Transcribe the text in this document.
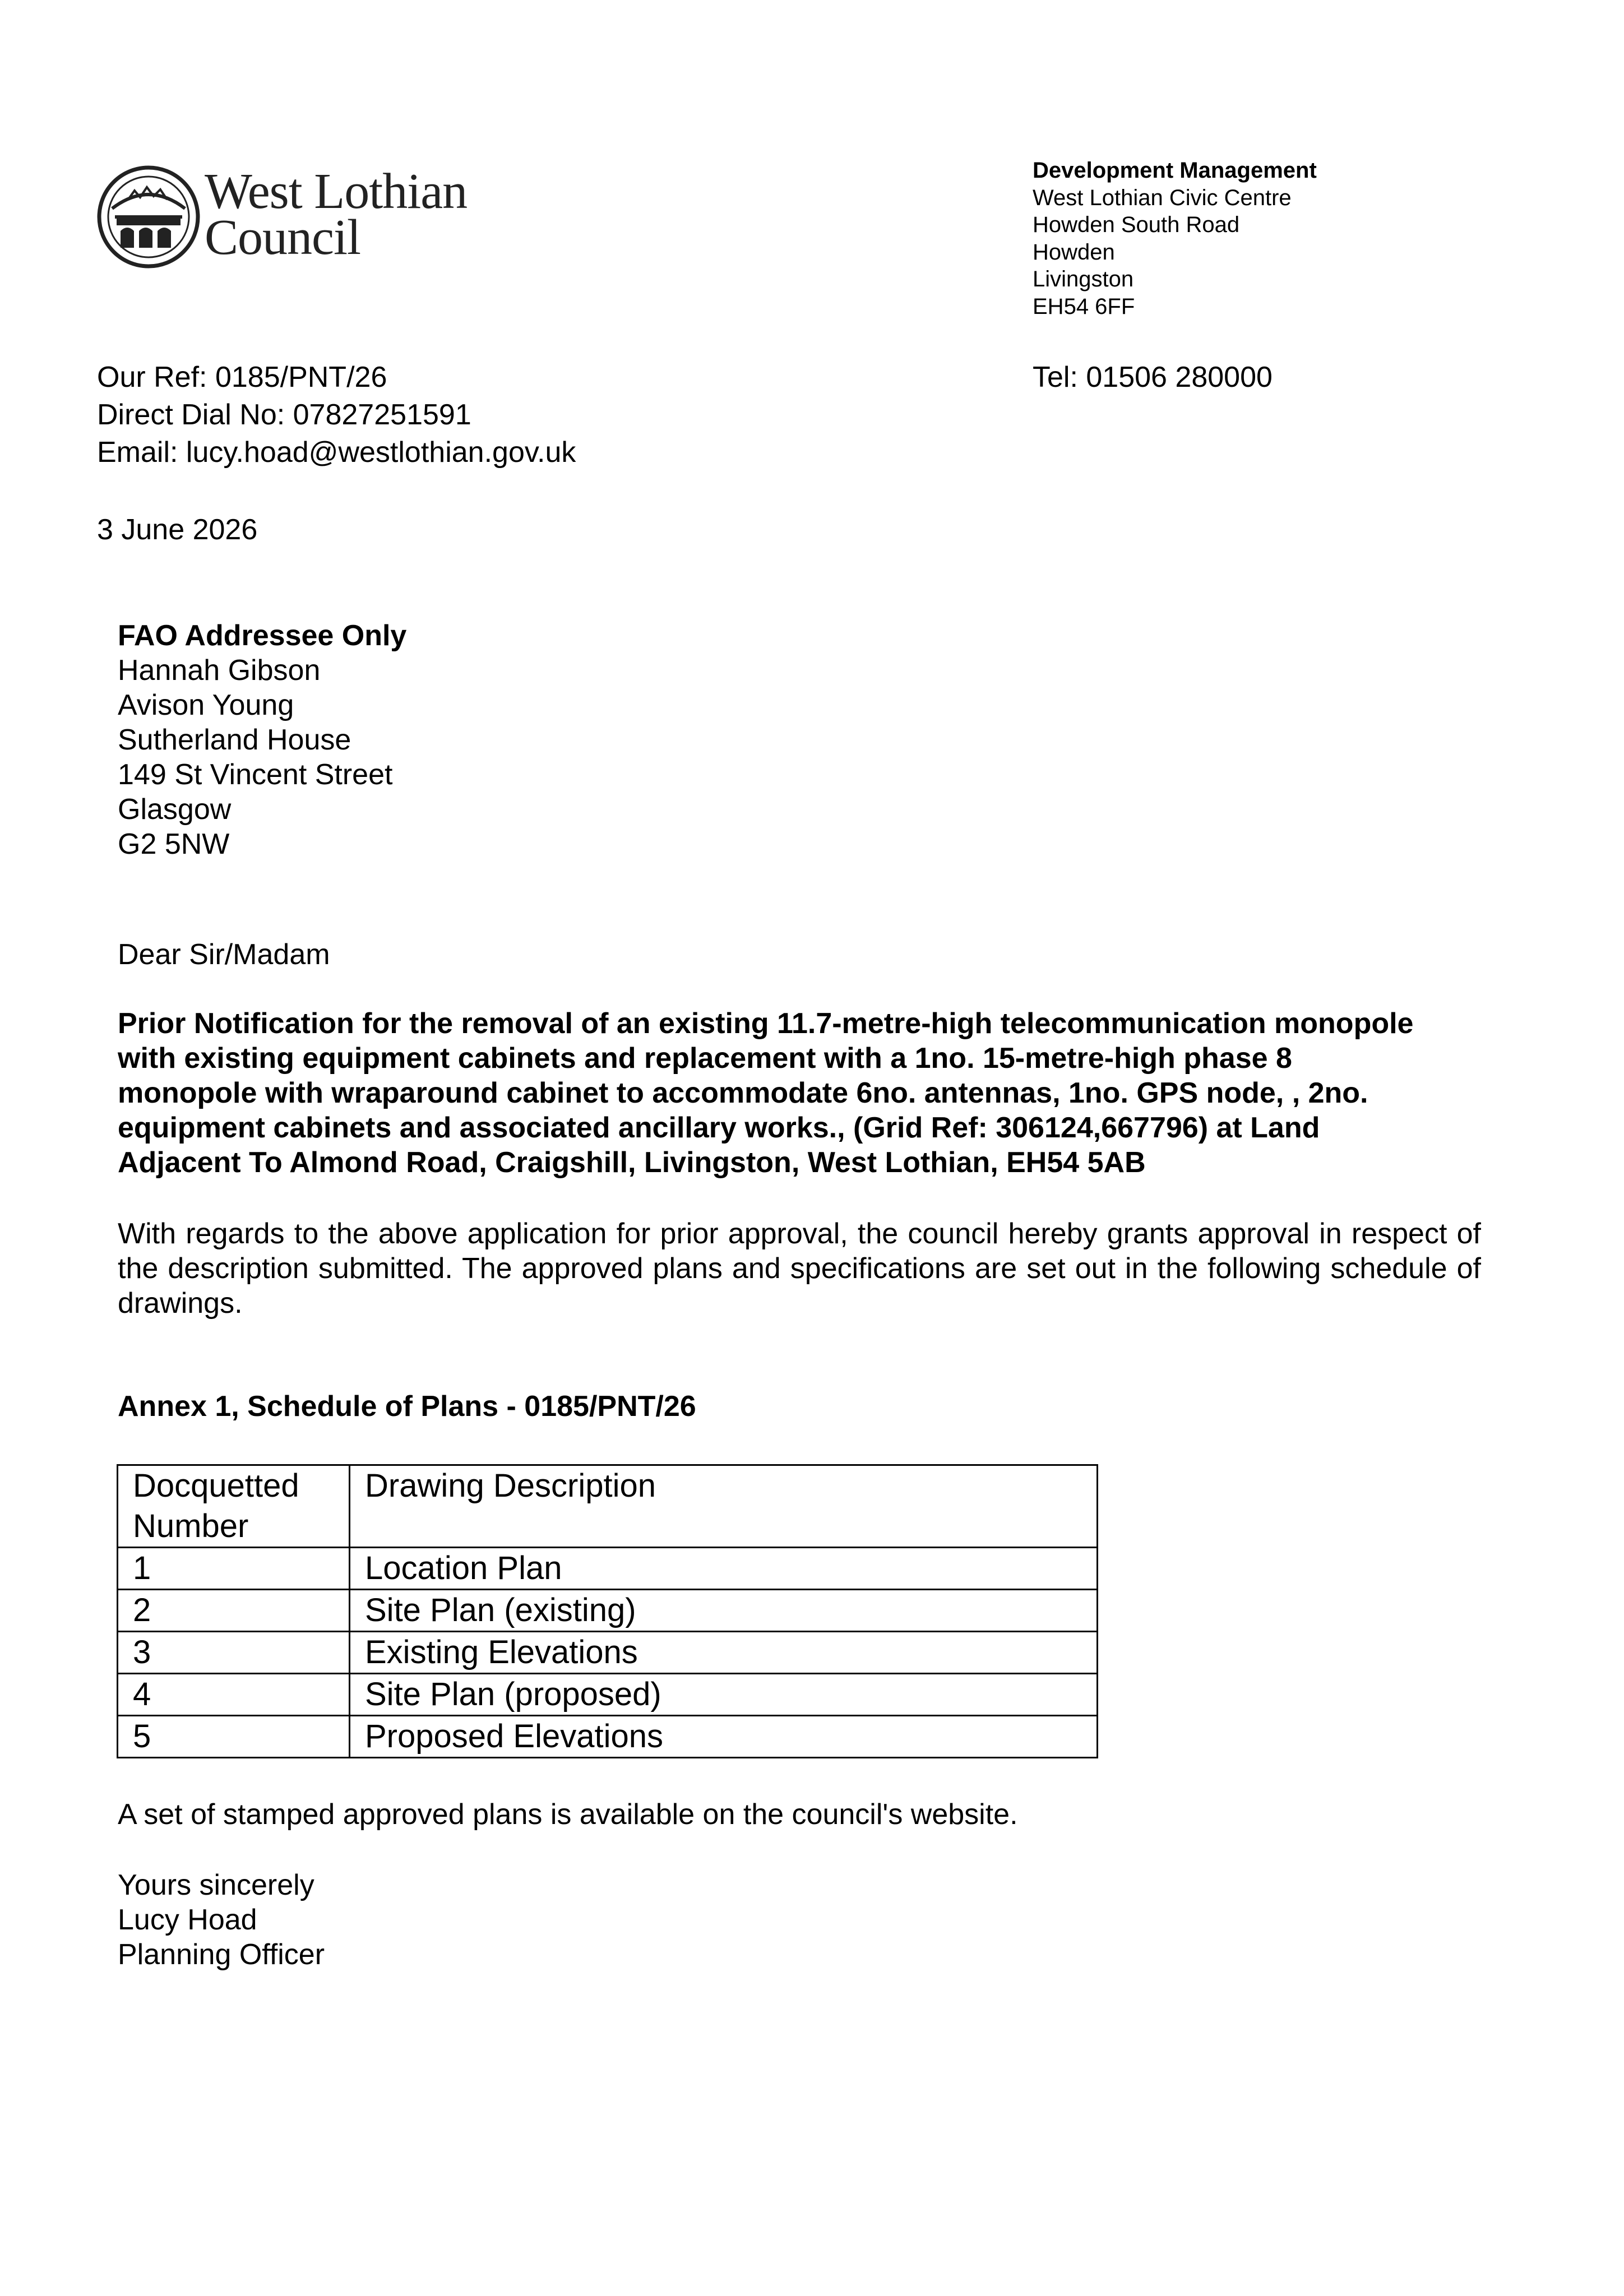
West Lothian
Council
Development Management
West Lothian Civic Centre
Howden South Road
Howden
Livingston
EH54 6FF
Tel: 01506 280000
Our Ref: 0185/PNT/26
Direct Dial No: 07827251591
Email: lucy.hoad@westlothian.gov.uk
3 June 2026
FAO Addressee Only
Hannah Gibson
Avison Young
Sutherland House
149 St Vincent Street
Glasgow
G2 5NW
Dear Sir/Madam
Prior Notification for the removal of an existing 11.7-metre-high telecommunication monopole
with existing equipment cabinets and replacement with a 1no. 15-metre-high phase 8
monopole with wraparound cabinet to accommodate 6no. antennas, 1no. GPS node, , 2no.
equipment cabinets and associated ancillary works., (Grid Ref: 306124,667796) at Land
Adjacent To Almond Road, Craigshill, Livingston, West Lothian, EH54 5AB
With regards to the above application for prior approval, the council hereby grants approval in respect of the description submitted. The approved plans and specifications are set out in the following schedule of drawings.
Annex 1, Schedule of Plans - 0185/PNT/26
Docquetted Number	Drawing Description
1	Location Plan
2	Site Plan (existing)
3	Existing Elevations
4	Site Plan (proposed)
5	Proposed Elevations
A set of stamped approved plans is available on the council's website.
Yours sincerely
Lucy Hoad
Planning Officer
